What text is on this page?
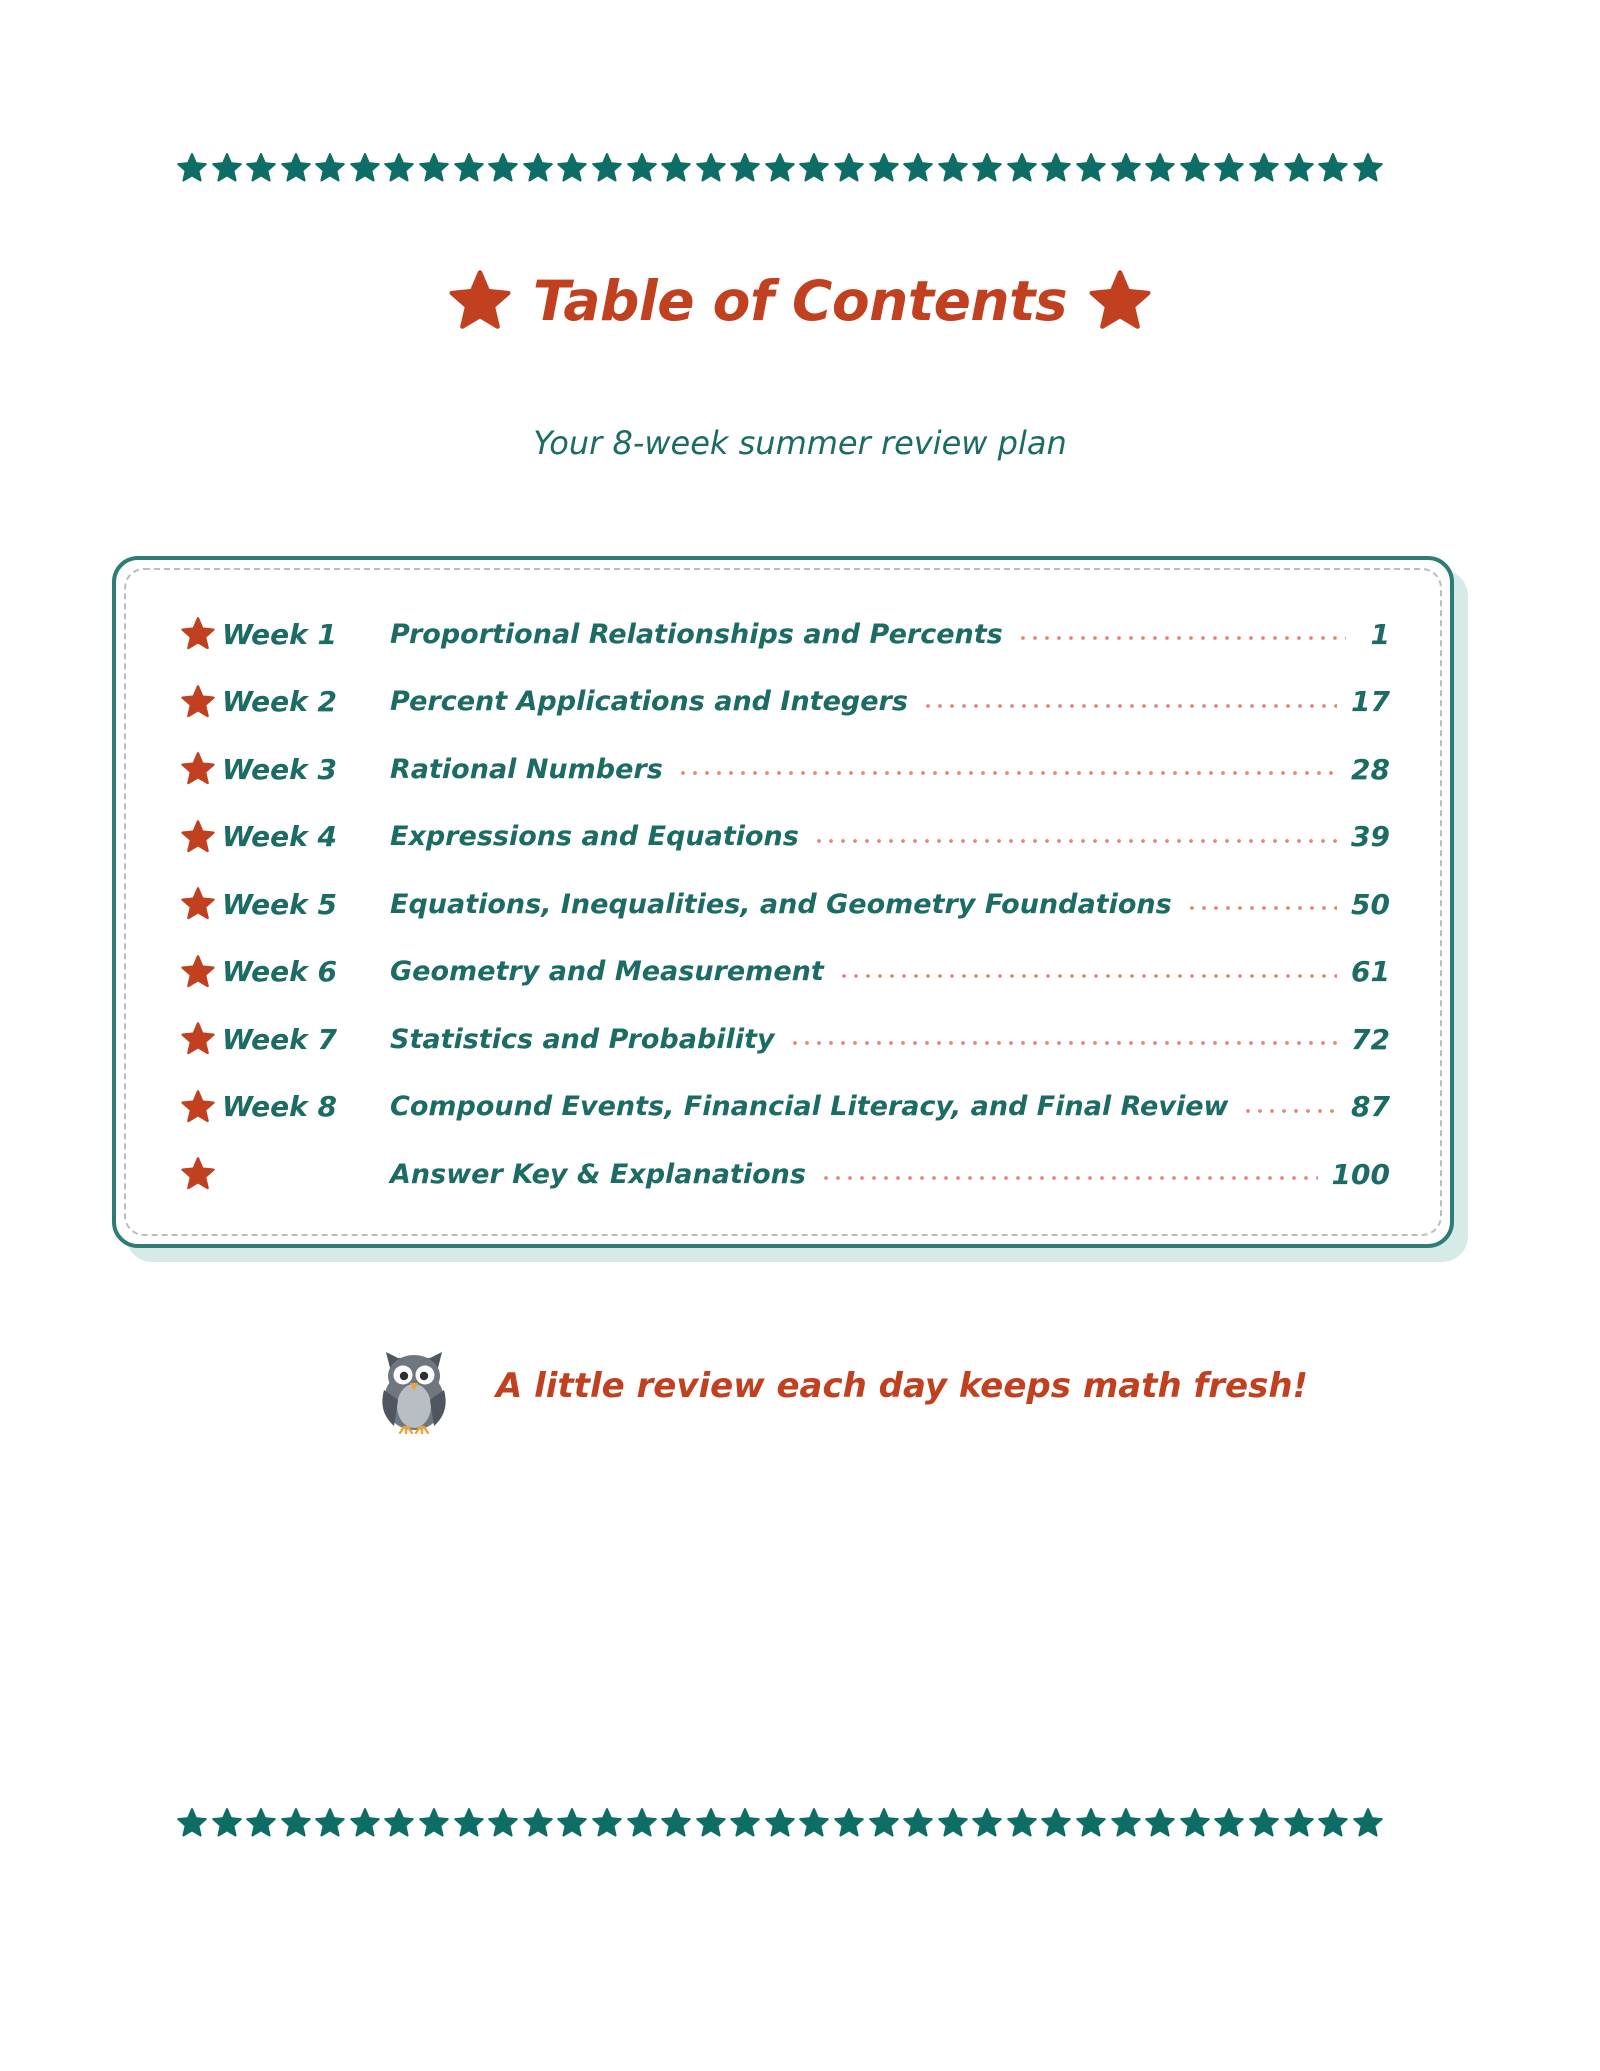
Table of Contents
Your 8-week summer review plan
Week 1	Proportional Relationships and Percents	1
Week 2	Percent Applications and Integers	17
Week 3	Rational Numbers	28
Week 4	Expressions and Equations	39
Week 5	Equations, Inequalities, and Geometry Foundations	50
Week 6	Geometry and Measurement	61
Week 7	Statistics and Probability	72
Week 8	Compound Events, Financial Literacy, and Final Review	87
Answer Key & Explanations	100
A little review each day keeps math fresh!
